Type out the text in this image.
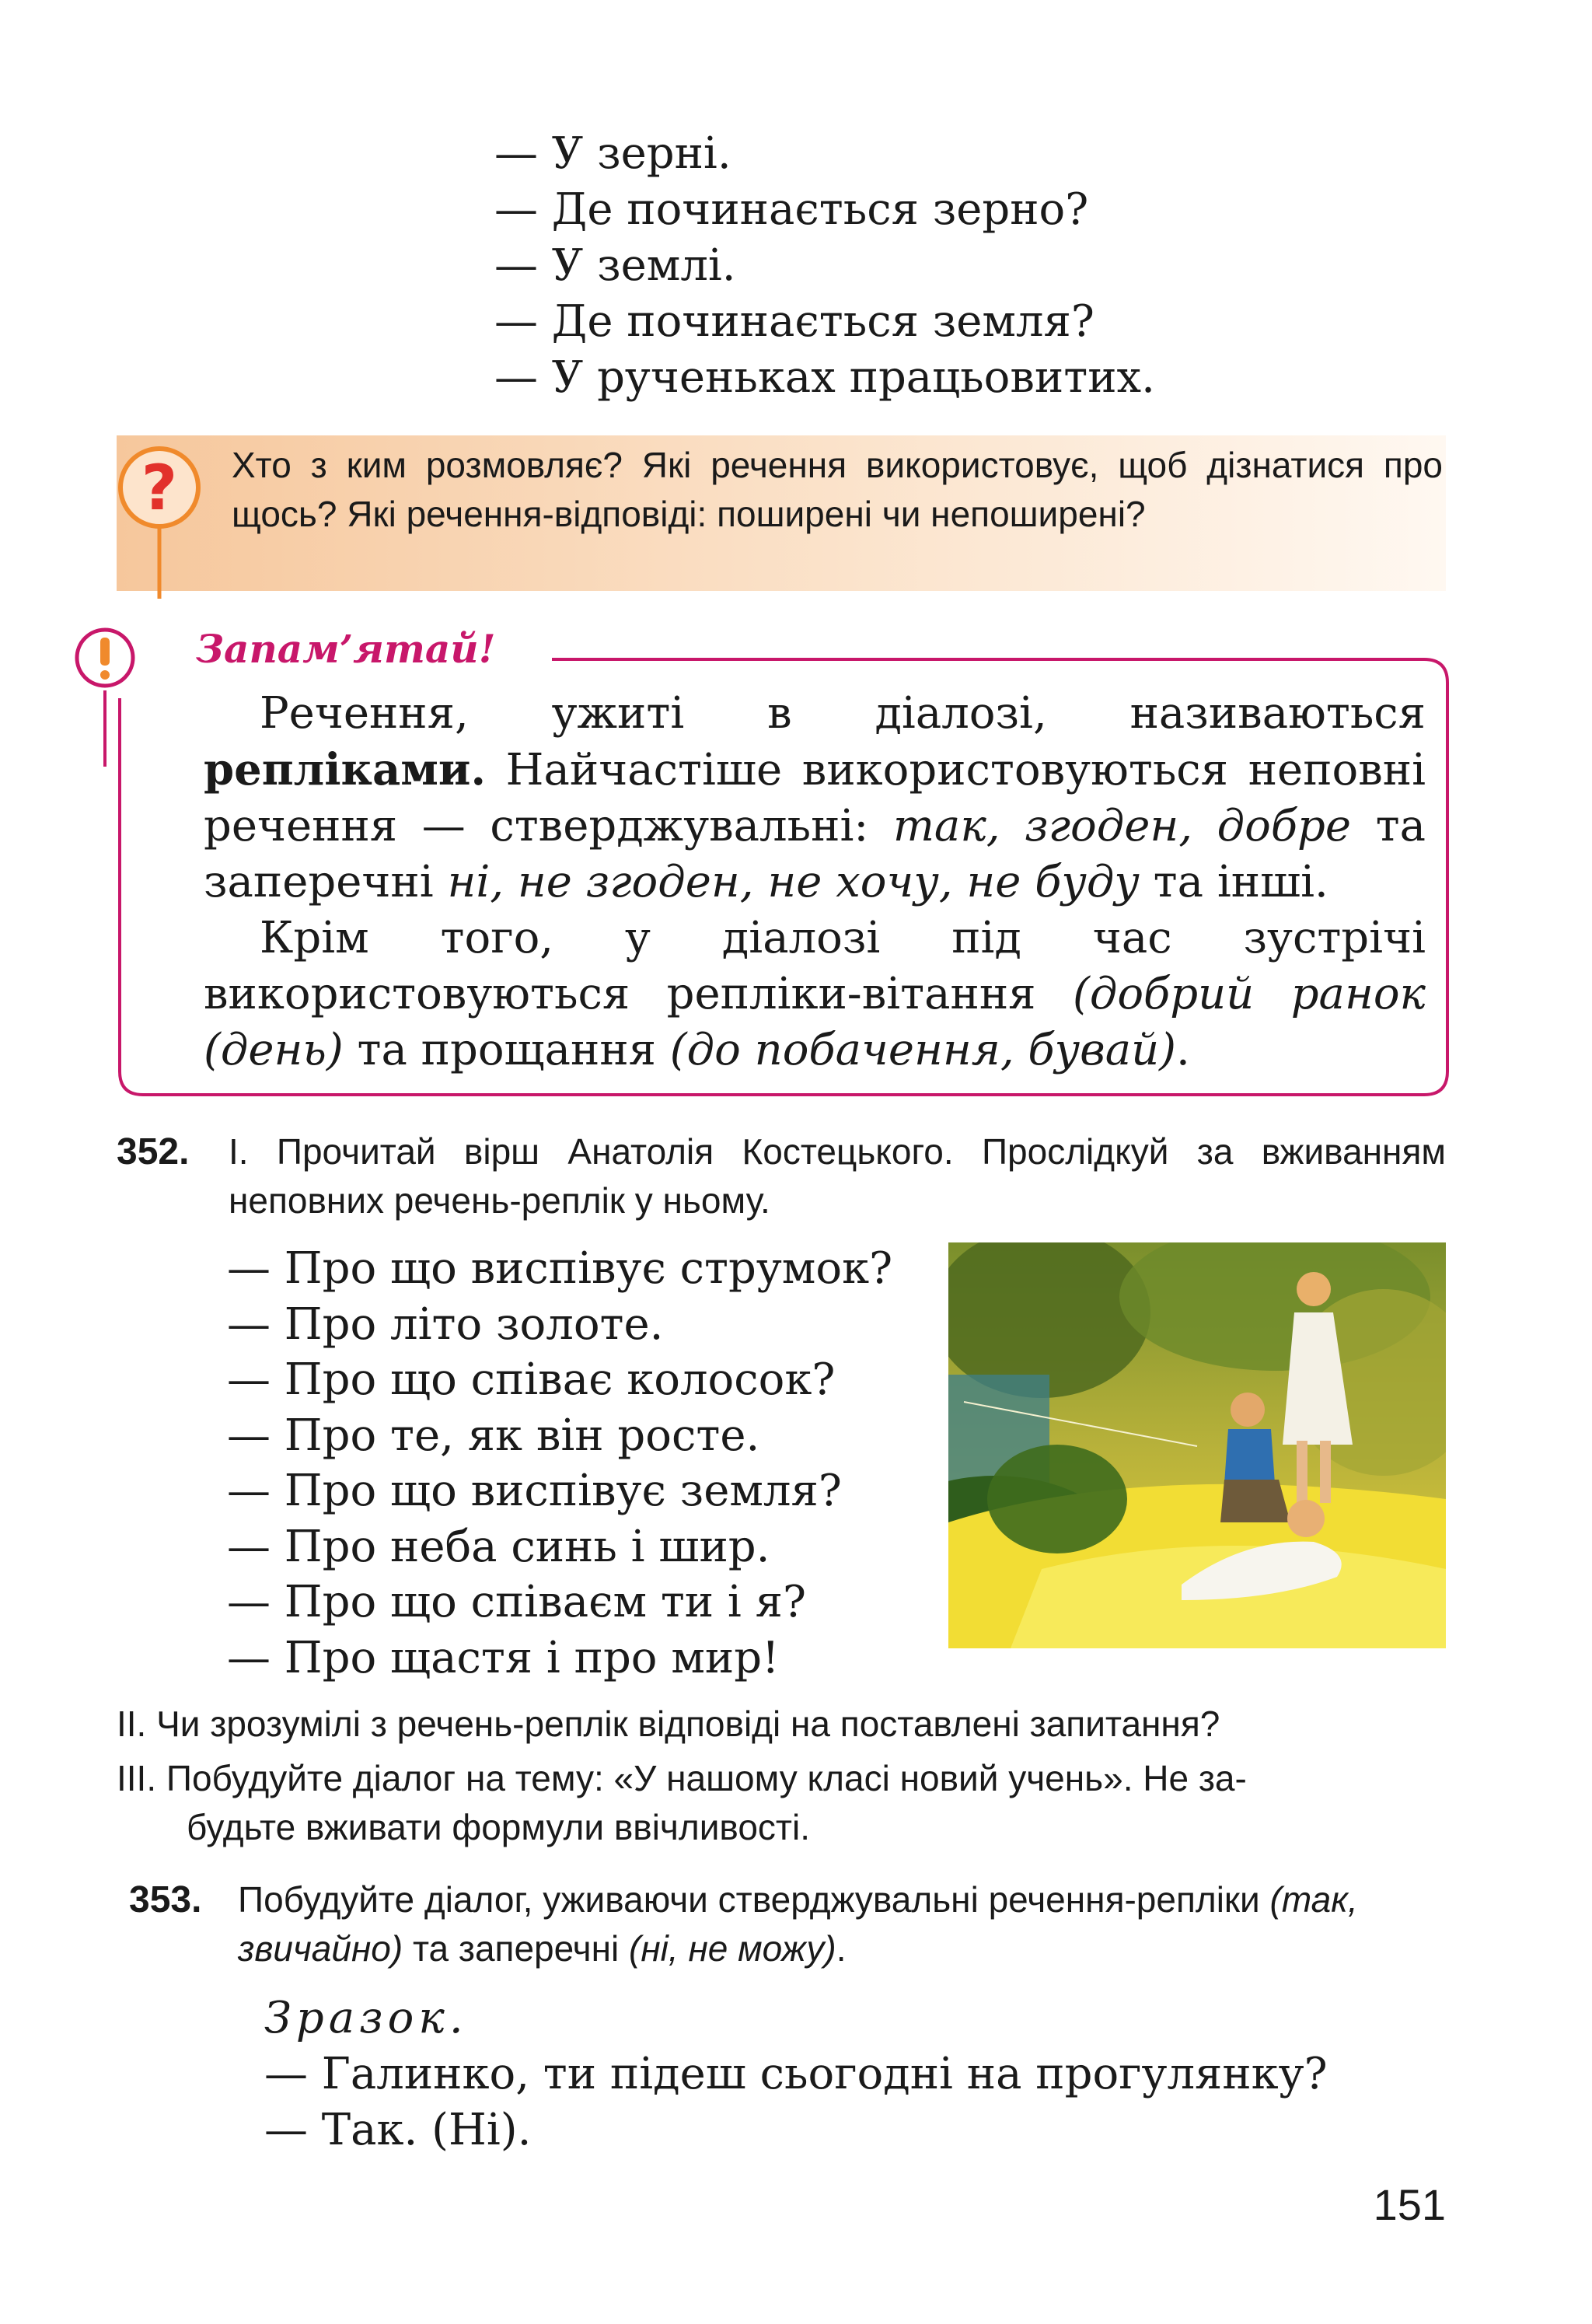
— У зерні.
— Де починається зерно?
— У землі.
— Де починається земля?
— У рученьках працьовитих.
? Хто з ким розмовляє? Які речення використовує, щоб дізнатися про щось? Які речення-відповіді: поширені чи непоширені?
Запам’ятай!

Речення, ужиті в діалозі, називаються репліками. Найчастіше використовуються неповні речення — стверджувальні: так, згоден, добре та заперечні ні, не згоден, не хочу, не буду та інші.

Крім того, у діалозі під час зустрічі використовуються репліки-вітання (добрий ранок (день) та прощання (до побачення, бувай).

352. І. Прочитай вірш Анатолія Костецького. Прослідкуй за вживанням неповних речень-реплік у ньому.
— Про що виспівує струмок?
— Про літо золоте.
— Про що співає колосок?
— Про те, як він росте.
— Про що виспівує земля?
— Про неба синь і шир.
— Про що співаєм ти і я?
— Про щастя і про мир!
ІІ. Чи зрозумілі з речень-реплік відповіді на поставлені запитання?
ІІІ. Побудуйте діалог на тему: «У нашому класі новий учень». Не за-
будьте вживати формули ввічливості.
353. Побудуйте діалог, уживаючи стверджувальні речення-репліки (так, звичайно) та заперечні (ні, не можу).
Зразок.
— Галинко, ти підеш сьогодні на прогулянку?
— Так. (Ні).
151
